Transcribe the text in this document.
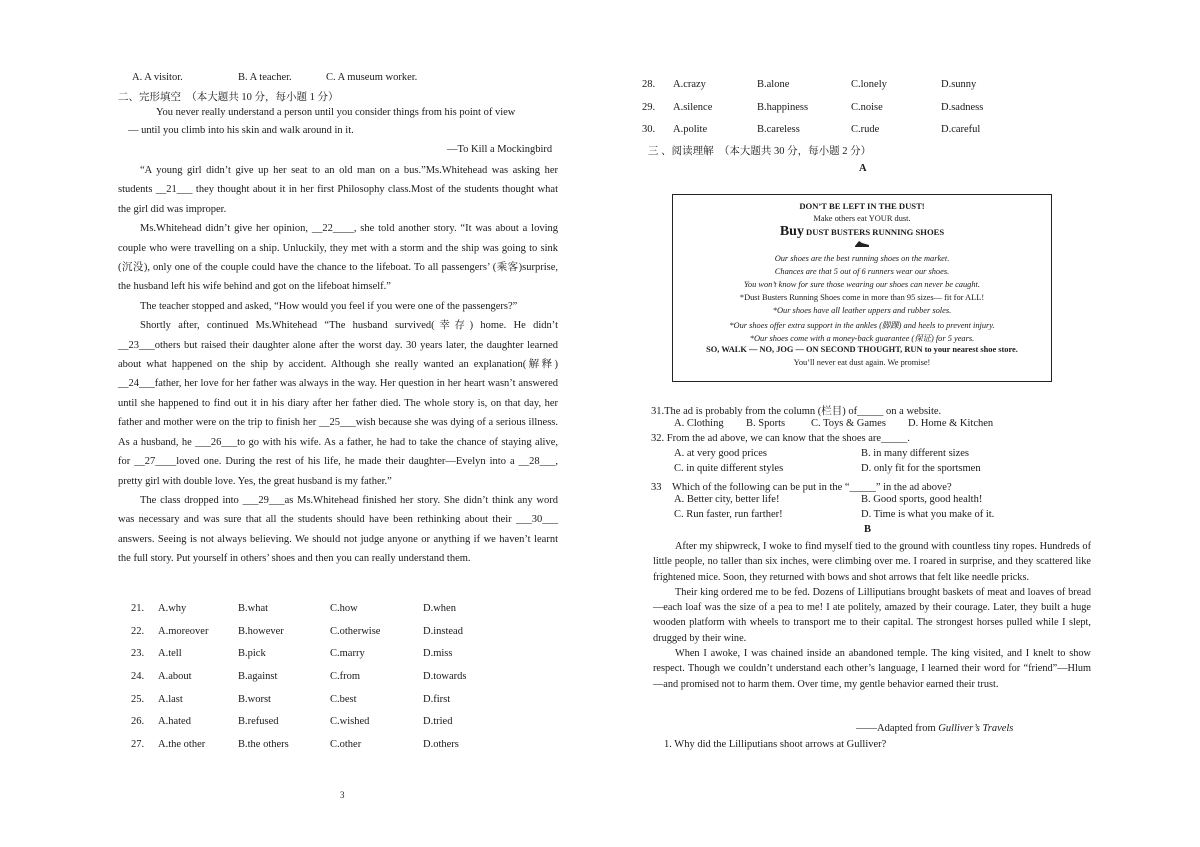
A. A visitor.	B. A teacher.	C. A museum worker.
二、完形填空　（本大题共 10 分，每小题 1 分）
You never really understand a person until you consider things from his point of view
— until you climb into his skin and walk around in it.
—To Kill a Mockingbird

“A young girl didn’t give up her seat to an old man on a bus.”Ms.Whitehead was asking her students __21___ they thought about it in her first Philosophy class.Most of the students thought what the girl did was improper.

Ms.Whitehead didn’t give her opinion, __22____, she told another story. “It was about a loving couple who were travelling on a ship. Unluckily, they met with a storm and the ship was going to sink (沉没), only one of the couple could have the chance to the lifeboat. To all passengers’ (乘客)surprise, the husband left his wife behind and got on the lifeboat himself.”

The teacher stopped and asked, “How would you feel if you were one of the passengers?”

Shortly after, continued Ms.Whitehead “The husband survived(幸存) home. He didn’t __23___others but raised their daughter alone after the worst day. 30 years later, the daughter learned about what happened on the ship by accident. Although she really wanted an explanation(解释) __24___father, her love for her father was always in the way. Her question in her heart wasn’t answered until she happened to find out it in his diary after her father died. The whole story is, on that day, her father and mother were on the trip to finish her __25___wish because she was dying of a serious illness. As a husband, he ___26___to go with his wife. As a father, he had to take the chance of staying alive, for __27____loved one. During the rest of his life, he made their daughter—Evelyn into a __28___, pretty girl with double love. Yes, the great husband is my father.”

The class dropped into ___29___as Ms.Whitehead finished her story. She didn’t think any word was necessary and was sure that all the students should have been rethinking about their ___30___ answers. Seeing is not always believing. We should not judge anyone or anything if we haven’t learnt the full story. Put yourself in others’ shoes and then you can really understand them.

21.	A.why	B.what	C.how	D.when
22.	A.moreover	B.however	C.otherwise	D.instead
23.	A.tell	B.pick	C.marry	D.miss
24.	A.about	B.against	C.from	D.towards
25.	A.last	B.worst	C.best	D.first
26.	A.hated	B.refused	C.wished	D.tried
27.	A.the other	B.the others	C.other	D.others
3
28.	A.crazy	B.alone	C.lonely	D.sunny
29.	A.silence	B.happiness	C.noise	D.sadness
30.	A.polite	B.careless	C.rude	D.careful
三 、阅读理解　（本大题共 30 分，每小题 2 分）
A
DON’T BE LEFT IN THE DUST!
Make others eat YOUR dust.
Buy DUST BUSTERS RUNNING SHOES
Our shoes are the best running shoes on the market.
Chances are that 5 out of 6 runners wear our shoes.
You won’t know for sure those wearing our shoes can never be caught.
*Dust Busters Running Shoes come in more than 95 sizes— fit for ALL!
*Our shoes have all leather uppers and rubber soles.
*Our shoes offer extra support in the ankles (脚踝) and heels to prevent injury.
*Our shoes come with a money-back guarantee (保证) for 5 years.
SO, WALK — NO, JOG — ON SECOND THOUGHT, RUN to your nearest shoe store.
You’ll never eat dust again. We promise!
31.The ad is probably from the column (栏目) of_____ on a website.
A. Clothing B. Sports C. Toys & Games D. Home & Kitchen
32. From the ad above, we can know that the shoes are_____.
A. at very good prices	B. in many different sizes
C. in quite different styles	D. only fit for the sportsmen
33　Which of the following can be put in the “_____” in the ad above?
A. Better city, better life!	B. Good sports, good health!
C. Run faster, run farther!	D. Time is what you make of it.
B

After my shipwreck, I woke to find myself tied to the ground with countless tiny ropes. Hundreds of little people, no taller than six inches, were climbing over me. I roared in surprise, and they scattered like frightened mice. Soon, they returned with bows and shot arrows that felt like needle pricks.

Their king ordered me to be fed. Dozens of Lilliputians brought baskets of meat and loaves of bread—each loaf was the size of a pea to me! I ate politely, amazed by their courage. Later, they built a huge wooden platform with wheels to transport me to their capital. The strongest horses pulled while I slept, drugged by their wine.

When I awoke, I was chained inside an abandoned temple. The king visited, and I knelt to show respect. Though we couldn’t understand each other’s language, I learned their word for “friend”—Hlum—and promised not to harm them. Over time, my gentle behavior earned their trust.

——Adapted from Gulliver’s Travels
1. Why did the Lilliputians shoot arrows at Gulliver?
